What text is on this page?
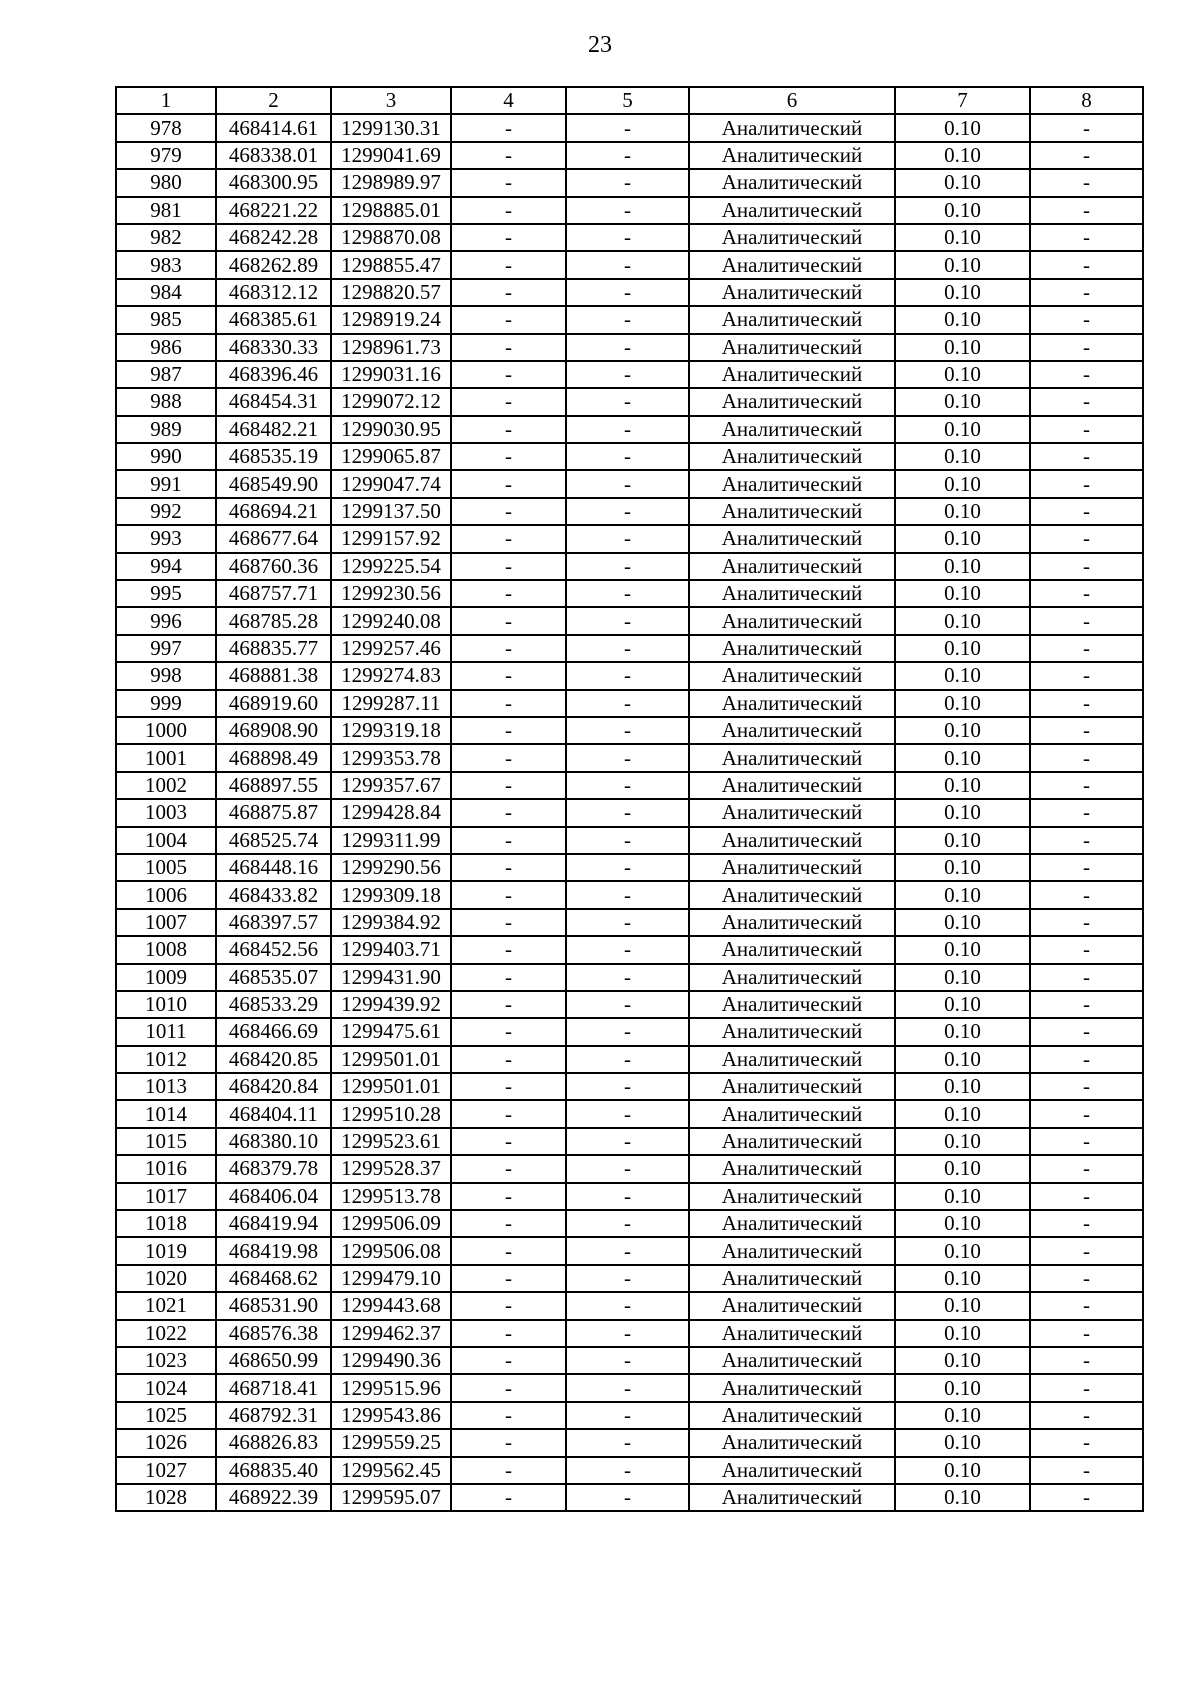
23
1	2	3	4	5	6	7	8
978	468414.61	1299130.31	-	-	Аналитический	0.10	-
979	468338.01	1299041.69	-	-	Аналитический	0.10	-
980	468300.95	1298989.97	-	-	Аналитический	0.10	-
981	468221.22	1298885.01	-	-	Аналитический	0.10	-
982	468242.28	1298870.08	-	-	Аналитический	0.10	-
983	468262.89	1298855.47	-	-	Аналитический	0.10	-
984	468312.12	1298820.57	-	-	Аналитический	0.10	-
985	468385.61	1298919.24	-	-	Аналитический	0.10	-
986	468330.33	1298961.73	-	-	Аналитический	0.10	-
987	468396.46	1299031.16	-	-	Аналитический	0.10	-
988	468454.31	1299072.12	-	-	Аналитический	0.10	-
989	468482.21	1299030.95	-	-	Аналитический	0.10	-
990	468535.19	1299065.87	-	-	Аналитический	0.10	-
991	468549.90	1299047.74	-	-	Аналитический	0.10	-
992	468694.21	1299137.50	-	-	Аналитический	0.10	-
993	468677.64	1299157.92	-	-	Аналитический	0.10	-
994	468760.36	1299225.54	-	-	Аналитический	0.10	-
995	468757.71	1299230.56	-	-	Аналитический	0.10	-
996	468785.28	1299240.08	-	-	Аналитический	0.10	-
997	468835.77	1299257.46	-	-	Аналитический	0.10	-
998	468881.38	1299274.83	-	-	Аналитический	0.10	-
999	468919.60	1299287.11	-	-	Аналитический	0.10	-
1000	468908.90	1299319.18	-	-	Аналитический	0.10	-
1001	468898.49	1299353.78	-	-	Аналитический	0.10	-
1002	468897.55	1299357.67	-	-	Аналитический	0.10	-
1003	468875.87	1299428.84	-	-	Аналитический	0.10	-
1004	468525.74	1299311.99	-	-	Аналитический	0.10	-
1005	468448.16	1299290.56	-	-	Аналитический	0.10	-
1006	468433.82	1299309.18	-	-	Аналитический	0.10	-
1007	468397.57	1299384.92	-	-	Аналитический	0.10	-
1008	468452.56	1299403.71	-	-	Аналитический	0.10	-
1009	468535.07	1299431.90	-	-	Аналитический	0.10	-
1010	468533.29	1299439.92	-	-	Аналитический	0.10	-
1011	468466.69	1299475.61	-	-	Аналитический	0.10	-
1012	468420.85	1299501.01	-	-	Аналитический	0.10	-
1013	468420.84	1299501.01	-	-	Аналитический	0.10	-
1014	468404.11	1299510.28	-	-	Аналитический	0.10	-
1015	468380.10	1299523.61	-	-	Аналитический	0.10	-
1016	468379.78	1299528.37	-	-	Аналитический	0.10	-
1017	468406.04	1299513.78	-	-	Аналитический	0.10	-
1018	468419.94	1299506.09	-	-	Аналитический	0.10	-
1019	468419.98	1299506.08	-	-	Аналитический	0.10	-
1020	468468.62	1299479.10	-	-	Аналитический	0.10	-
1021	468531.90	1299443.68	-	-	Аналитический	0.10	-
1022	468576.38	1299462.37	-	-	Аналитический	0.10	-
1023	468650.99	1299490.36	-	-	Аналитический	0.10	-
1024	468718.41	1299515.96	-	-	Аналитический	0.10	-
1025	468792.31	1299543.86	-	-	Аналитический	0.10	-
1026	468826.83	1299559.25	-	-	Аналитический	0.10	-
1027	468835.40	1299562.45	-	-	Аналитический	0.10	-
1028	468922.39	1299595.07	-	-	Аналитический	0.10	-
